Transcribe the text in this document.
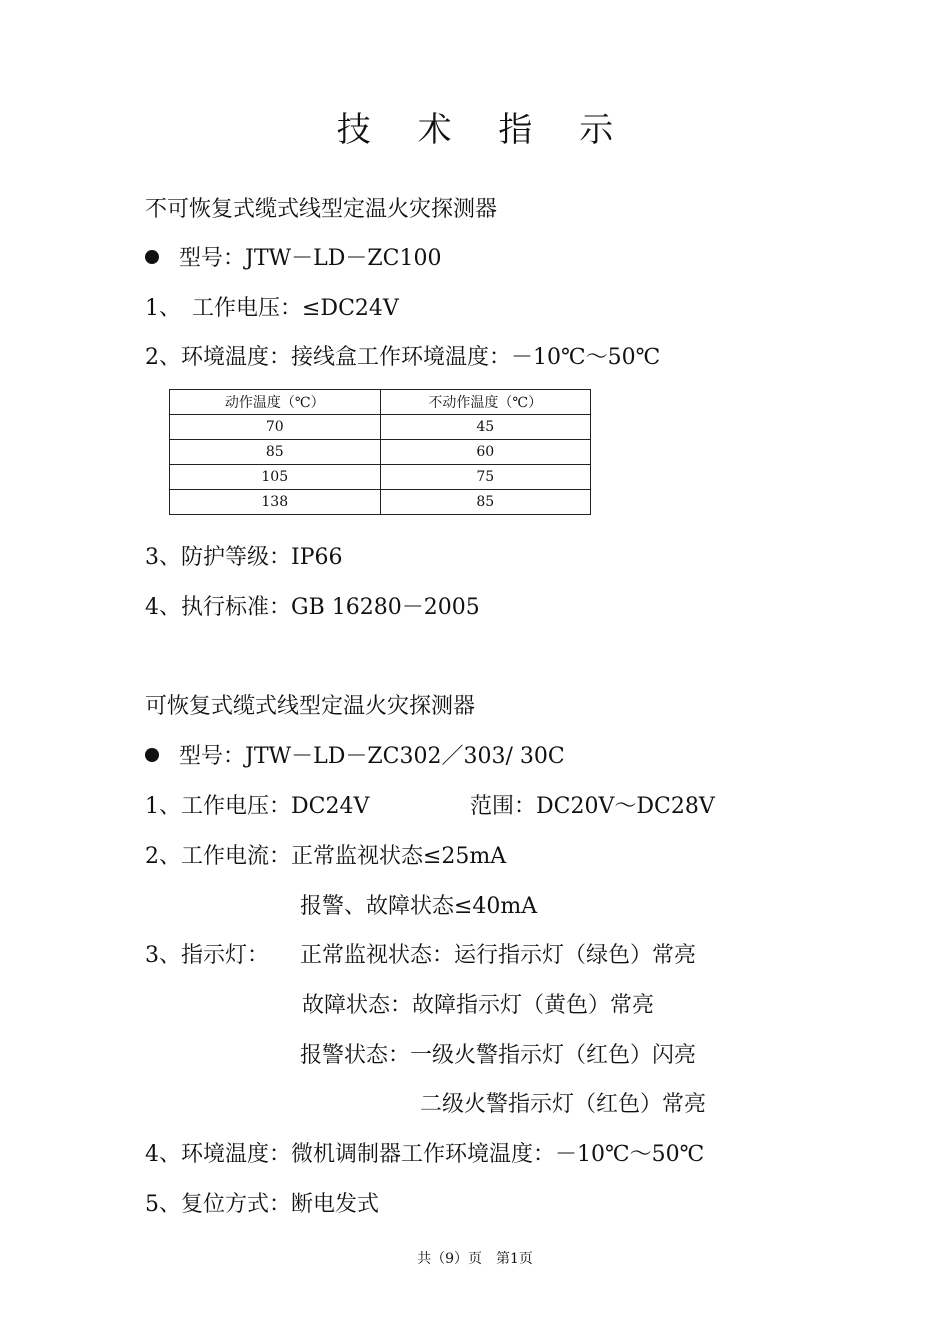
技 术 指 示
不可恢复式缆式线型定温火灾探测器
型号：JTW－LD－ZC100
1、　工作电压：≤DC24V
2、环境温度：接线盒工作环境温度：－10℃～50℃
动作温度（℃）	不动作温度（℃）
70	45
85	60
105	75
138	85
3、防护等级：IP66
4、执行标准：GB 16280－2005
可恢复式缆式线型定温火灾探测器
型号：JTW－LD－ZC302／303/ 30C
1、工作电压：DC24V	范围：DC20V～DC28V
2、工作电流：正常监视状态≤25mA
报警、故障状态≤40mA
3、指示灯： 正常监视状态：运行指示灯（绿色）常亮
故障状态：故障指示灯（黄色）常亮
报警状态：一级火警指示灯（红色）闪亮
二级火警指示灯（红色）常亮
4、环境温度：微机调制器工作环境温度：－10℃～50℃
5、复位方式：断电发式
共（9）页　第1页
